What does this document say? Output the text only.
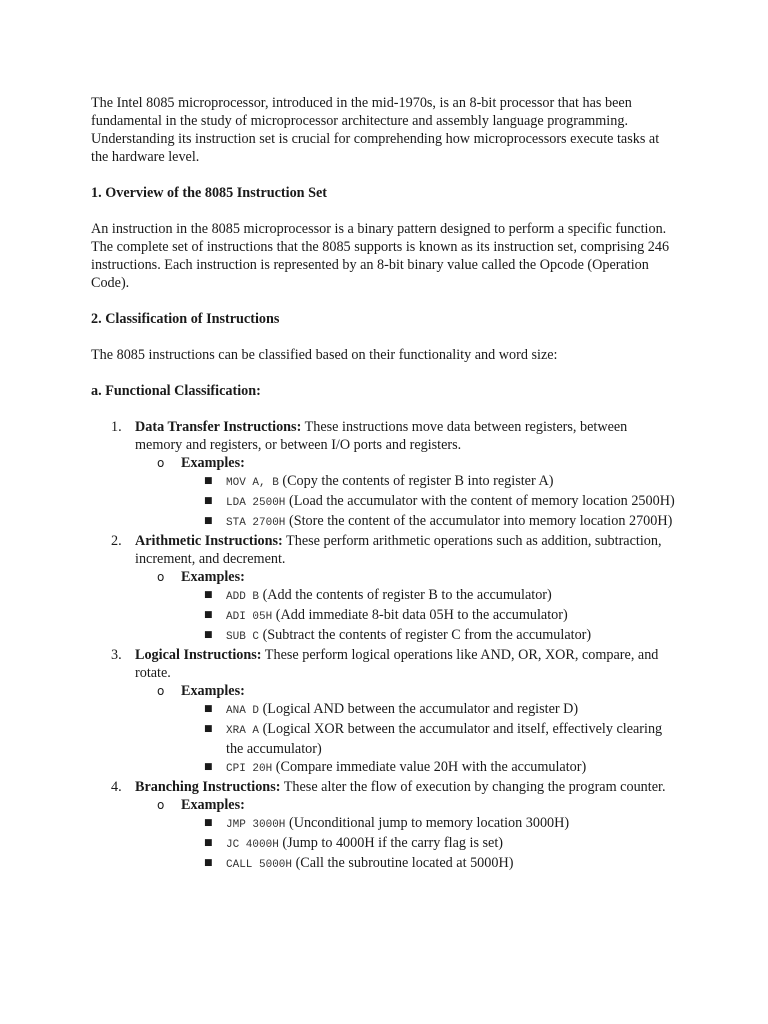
The Intel 8085 microprocessor, introduced in the mid-1970s, is an 8-bit processor that has been fundamental in the study of microprocessor architecture and assembly language programming. Understanding its instruction set is crucial for comprehending how microprocessors execute tasks at the hardware level.

1. Overview of the 8085 Instruction Set

An instruction in the 8085 microprocessor is a binary pattern designed to perform a specific function. The complete set of instructions that the 8085 supports is known as its instruction set, comprising 246 instructions. Each instruction is represented by an 8-bit binary value called the Opcode (Operation Code).

2. Classification of Instructions

The 8085 instructions can be classified based on their functionality and word size:

a. Functional Classification:
1. Data Transfer Instructions: These instructions move data between registers, between memory and registers, or between I/O ports and registers.
o Examples:
■ MOV A, B (Copy the contents of register B into register A)
■ LDA 2500H (Load the accumulator with the content of memory location 2500H)
■ STA 2700H (Store the content of the accumulator into memory location 2700H)
2. Arithmetic Instructions: These perform arithmetic operations such as addition, subtraction, increment, and decrement.
o Examples:
■ ADD B (Add the contents of register B to the accumulator)
■ ADI 05H (Add immediate 8-bit data 05H to the accumulator)
■ SUB C (Subtract the contents of register C from the accumulator)
3. Logical Instructions: These perform logical operations like AND, OR, XOR, compare, and rotate.
o Examples:
■ ANA D (Logical AND between the accumulator and register D)
■ XRA A (Logical XOR between the accumulator and itself, effectively clearing the accumulator)
■ CPI 20H (Compare immediate value 20H with the accumulator)
4. Branching Instructions: These alter the flow of execution by changing the program counter.
o Examples:
■ JMP 3000H (Unconditional jump to memory location 3000H)
■ JC 4000H (Jump to 4000H if the carry flag is set)
■ CALL 5000H (Call the subroutine located at 5000H)
